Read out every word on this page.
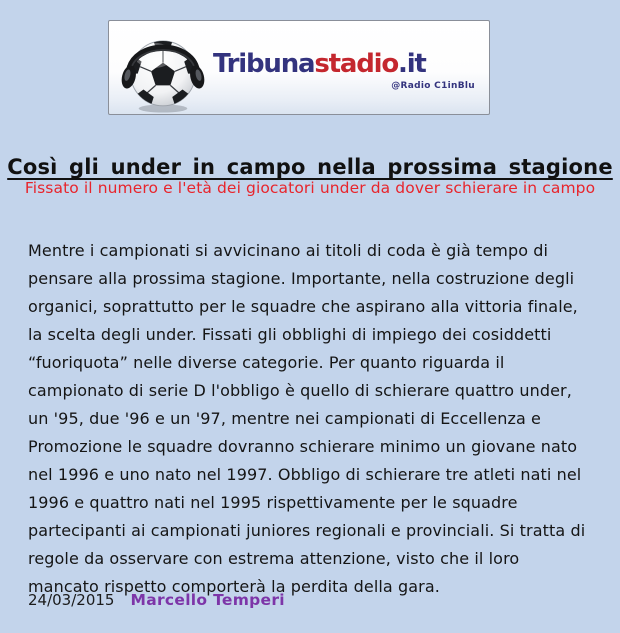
Tribunastadio.it
@Radio C1inBlu
Così gli under in campo nella prossima stagione
Fissato il numero e l'età dei giocatori under da dover schierare in campo

Mentre i campionati si avvicinano ai titoli di coda è già tempo di pensare alla prossima stagione. Importante, nella costruzione degli organici, soprattutto per le squadre che aspirano alla vittoria finale, la scelta degli under. Fissati gli obblighi di impiego dei cosiddetti “fuoriquota” nelle diverse categorie. Per quanto riguarda il campionato di serie D l'obbligo è quello di schierare quattro under, un '95, due '96 e un '97, mentre nei campionati di Eccellenza e Promozione le squadre dovranno schierare minimo un giovane nato nel 1996 e uno nato nel 1997. Obbligo di schierare tre atleti nati nel 1996 e quattro nati nel 1995 rispettivamente per le squadre partecipanti ai campionati juniores regionali e provinciali. Si tratta di regole da osservare con estrema attenzione, visto che il loro mancato rispetto comporterà la perdita della gara.

24/03/2015 Marcello Temperi
